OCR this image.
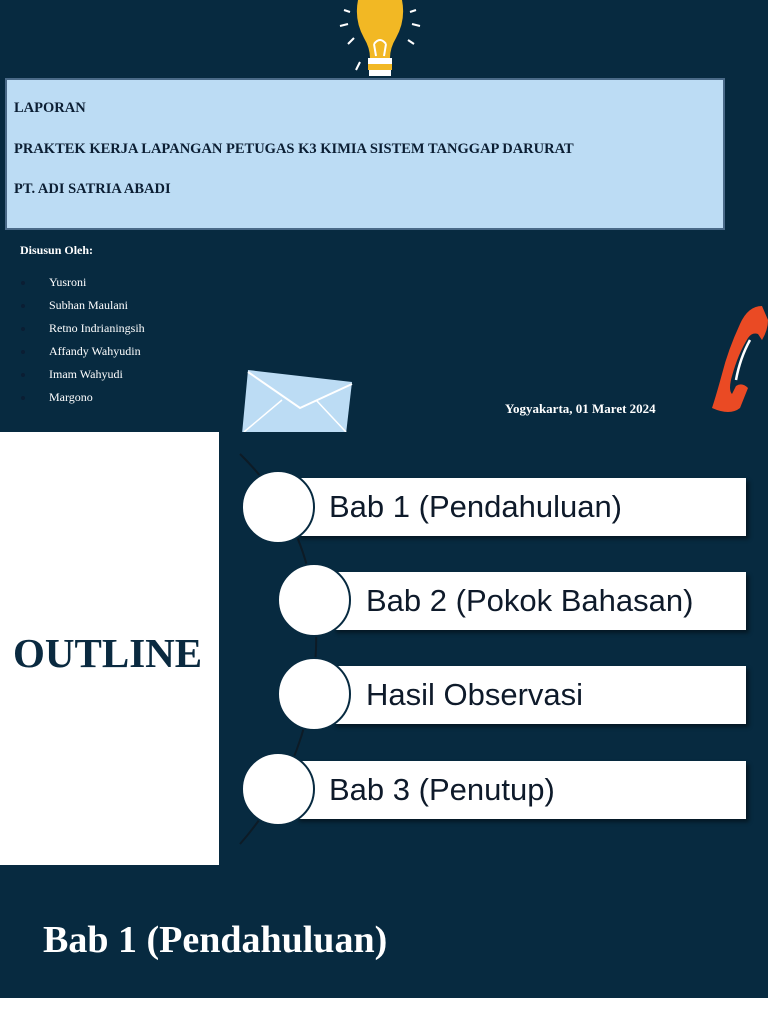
LAPORAN
PRAKTEK KERJA LAPANGAN PETUGAS K3 KIMIA SISTEM TANGGAP DARURAT
PT. ADI SATRIA ABADI
Disusun Oleh:
Yusroni
Subhan Maulani
Retno Indrianingsih
Affandy Wahyudin
Imam Wahyudi
Margono
Yogyakarta, 01 Maret 2024
OUTLINE
Bab 1 (Pendahuluan)
Bab 2 (Pokok Bahasan)
Hasil Observasi
Bab 3 (Penutup)
Bab 1 (Pendahuluan)
